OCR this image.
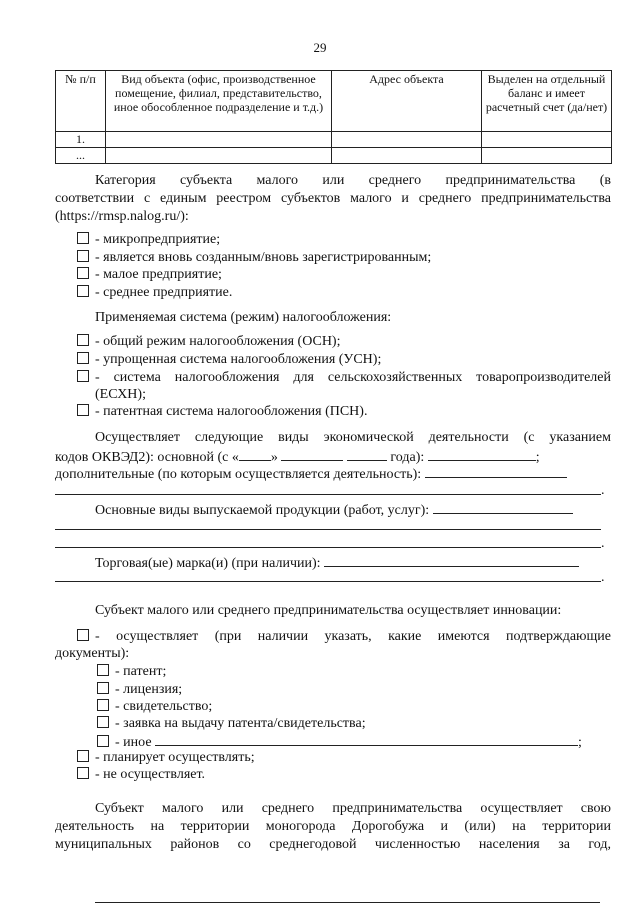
29
№ п/п	Вид объекта (офис, производственное помещение, филиал, представительство, иное обособленное подразделение и т.д.)	Адрес объекта	Выделен на отдельный баланс и имеет расчетный счет (да/нет)
1.			
...			
Категория субъекта малого или среднего предпринимательства (в
соответствии с единым реестром субъектов малого и среднего предпринимательства
(https://rmsp.nalog.ru/):
- микропредприятие;
- является вновь созданным/вновь зарегистрированным;
- малое предприятие;
- среднее предприятие.
Применяемая система (режим) налогообложения:
- общий режим налогообложения (ОСН);
- упрощенная система налогообложения (УСН);
- система налогообложения для сельскохозяйственных товаропроизводителей
(ЕСХН);
- патентная система налогообложения (ПСН).
Осуществляет следующие виды экономической деятельности (с указанием
кодов ОКВЭД2): основной (с « »	года):	;
дополнительные (по которым осуществляется деятельность):
.
Основные виды выпускаемой продукции (работ, услуг):
.
Торговая(ые) марка(и) (при наличии):
.
Субъект малого или среднего предпринимательства осуществляет инновации:
- осуществляет (при наличии указать, какие имеются подтверждающие
документы):
- патент;
- лицензия;
- свидетельство;
- заявка на выдачу патента/свидетельства;
- иное	;
- планирует осуществлять;
- не осуществляет.
Субъект малого или среднего предпринимательства осуществляет свою
деятельность на территории моногорода Дорогобужа и (или) на территории
муниципальных районов со среднегодовой численностью населения за год,
